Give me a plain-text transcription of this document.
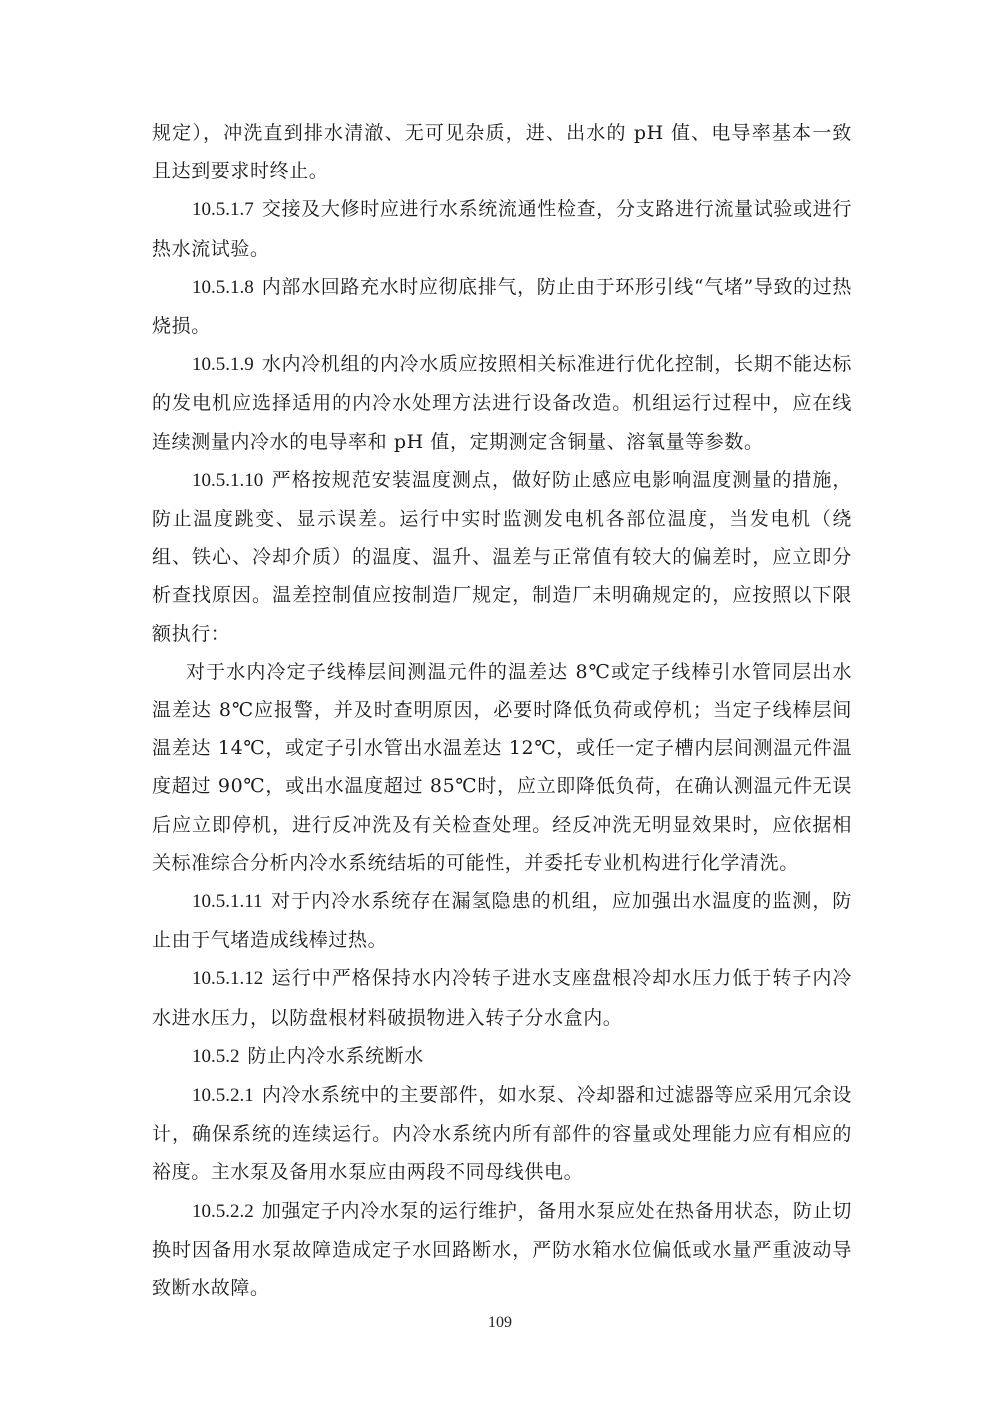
规定），冲洗直到排水清澈、无可见杂质，进、出水的 pH 值、电导率基本一致且达到要求时终止。

10.5.1.7 交接及大修时应进行水系统流通性检查，分支路进行流量试验或进行热水流试验。

10.5.1.8 内部水回路充水时应彻底排气，防止由于环形引线“气堵”导致的过热烧损。

10.5.1.9 水内冷机组的内冷水质应按照相关标准进行优化控制，长期不能达标的发电机应选择适用的内冷水处理方法进行设备改造。机组运行过程中，应在线连续测量内冷水的电导率和 pH 值，定期测定含铜量、溶氧量等参数。

10.5.1.10 严格按规范安装温度测点，做好防止感应电影响温度测量的措施，防止温度跳变、显示误差。运行中实时监测发电机各部位温度，当发电机（绕组、铁心、冷却介质）的温度、温升、温差与正常值有较大的偏差时，应立即分析查找原因。温差控制值应按制造厂规定，制造厂未明确规定的，应按照以下限额执行：

对于水内冷定子线棒层间测温元件的温差达 8℃或定子线棒引水管同层出水温差达 8℃应报警，并及时查明原因，必要时降低负荷或停机；当定子线棒层间温差达 14℃，或定子引水管出水温差达 12℃，或任一定子槽内层间测温元件温度超过 90℃，或出水温度超过 85℃时，应立即降低负荷，在确认测温元件无误后应立即停机，进行反冲洗及有关检查处理。经反冲洗无明显效果时，应依据相关标准综合分析内冷水系统结垢的可能性，并委托专业机构进行化学清洗。

10.5.1.11 对于内冷水系统存在漏氢隐患的机组，应加强出水温度的监测，防止由于气堵造成线棒过热。

10.5.1.12 运行中严格保持水内冷转子进水支座盘根冷却水压力低于转子内冷水进水压力，以防盘根材料破损物进入转子分水盒内。

10.5.2 防止内冷水系统断水

10.5.2.1 内冷水系统中的主要部件，如水泵、冷却器和过滤器等应采用冗余设计，确保系统的连续运行。内冷水系统内所有部件的容量或处理能力应有相应的裕度。主水泵及备用水泵应由两段不同母线供电。

10.5.2.2 加强定子内冷水泵的运行维护，备用水泵应处在热备用状态，防止切换时因备用水泵故障造成定子水回路断水，严防水箱水位偏低或水量严重波动导致断水故障。

109
